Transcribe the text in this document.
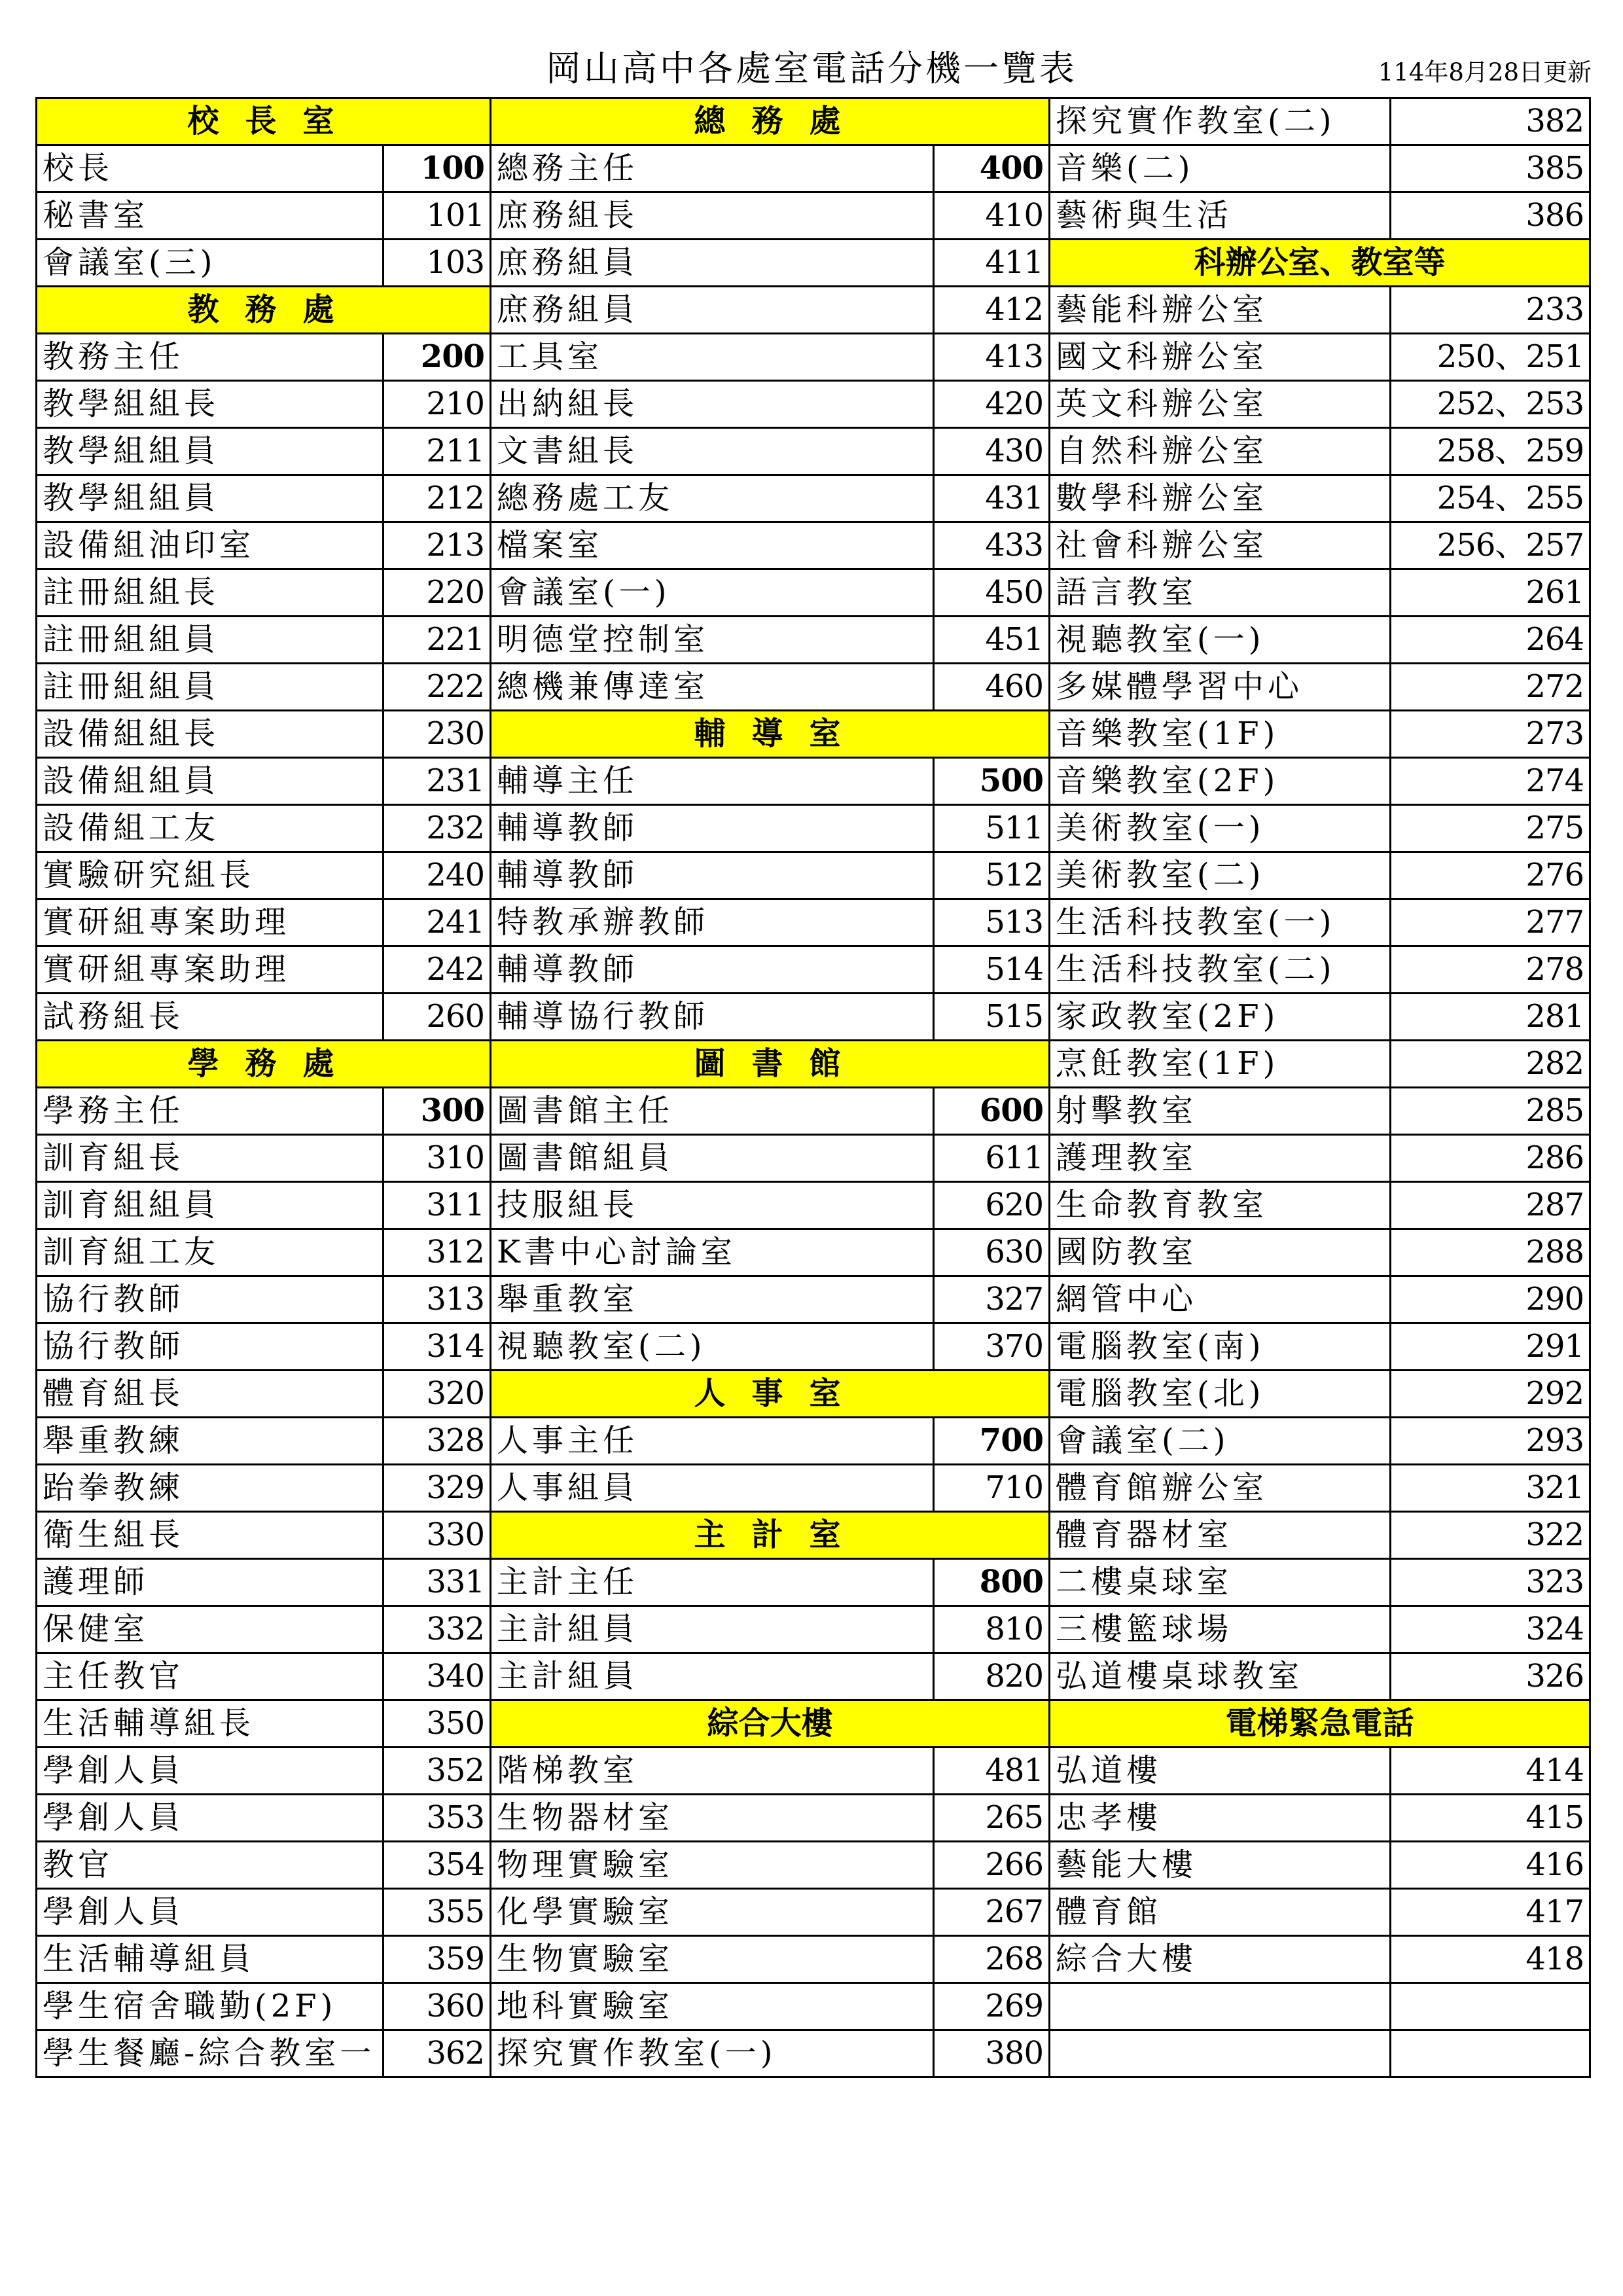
岡山高中各處室電話分機一覽表	114年8月28日更新
校長室	
校長	100
秘書室	101
會議室(三)	103
教務處	
教務主任	200
教學組組長	210
教學組組員	211
教學組組員	212
設備組油印室	213
註冊組組長	220
註冊組組員	221
註冊組組員	222
設備組組長	230
設備組組員	231
設備組工友	232
實驗研究組長	240
實研組專案助理	241
實研組專案助理	242
試務組長	260
學務處	
學務主任	300
訓育組長	310
訓育組組員	311
訓育組工友	312
協行教師	313
協行教師	314
體育組長	320
舉重教練	328
跆拳教練	329
衛生組長	330
護理師	331
保健室	332
主任教官	340
生活輔導組長	350
學創人員	352
學創人員	353
教官	354
學創人員	355
生活輔導組員	359
學生宿舍職勤(2F)	360
學生餐廳-綜合教室一	362
總務處	
總務主任	400
庶務組長	410
庶務組員	411
庶務組員	412
工具室	413
出納組長	420
文書組長	430
總務處工友	431
檔案室	433
會議室(一)	450
明德堂控制室	451
總機兼傳達室	460
輔導室	
輔導主任	500
輔導教師	511
輔導教師	512
特教承辦教師	513
輔導教師	514
輔導協行教師	515
圖書館	
圖書館主任	600
圖書館組員	611
技服組長	620
K書中心討論室	630
舉重教室	327
視聽教室(二)	370
人事室	
人事主任	700
人事組員	710
主計室	
主計主任	800
主計組員	810
主計組員	820
綜合大樓	
階梯教室	481
生物器材室	265
物理實驗室	266
化學實驗室	267
生物實驗室	268
地科實驗室	269
探究實作教室(一)	380
探究實作教室(二)	382
音樂(二)	385
藝術與生活	386
科辦公室、教室等	
藝能科辦公室	233
國文科辦公室	250、251
英文科辦公室	252、253
自然科辦公室	258、259
數學科辦公室	254、255
社會科辦公室	256、257
語言教室	261
視聽教室(一)	264
多媒體學習中心	272
音樂教室(1F)	273
音樂教室(2F)	274
美術教室(一)	275
美術教室(二)	276
生活科技教室(一)	277
生活科技教室(二)	278
家政教室(2F)	281
烹飪教室(1F)	282
射擊教室	285
護理教室	286
生命教育教室	287
國防教室	288
網管中心	290
電腦教室(南)	291
電腦教室(北)	292
會議室(二)	293
體育館辦公室	321
體育器材室	322
二樓桌球室	323
三樓籃球場	324
弘道樓桌球教室	326
電梯緊急電話	
弘道樓	414
忠孝樓	415
藝能大樓	416
體育館	417
綜合大樓	418
